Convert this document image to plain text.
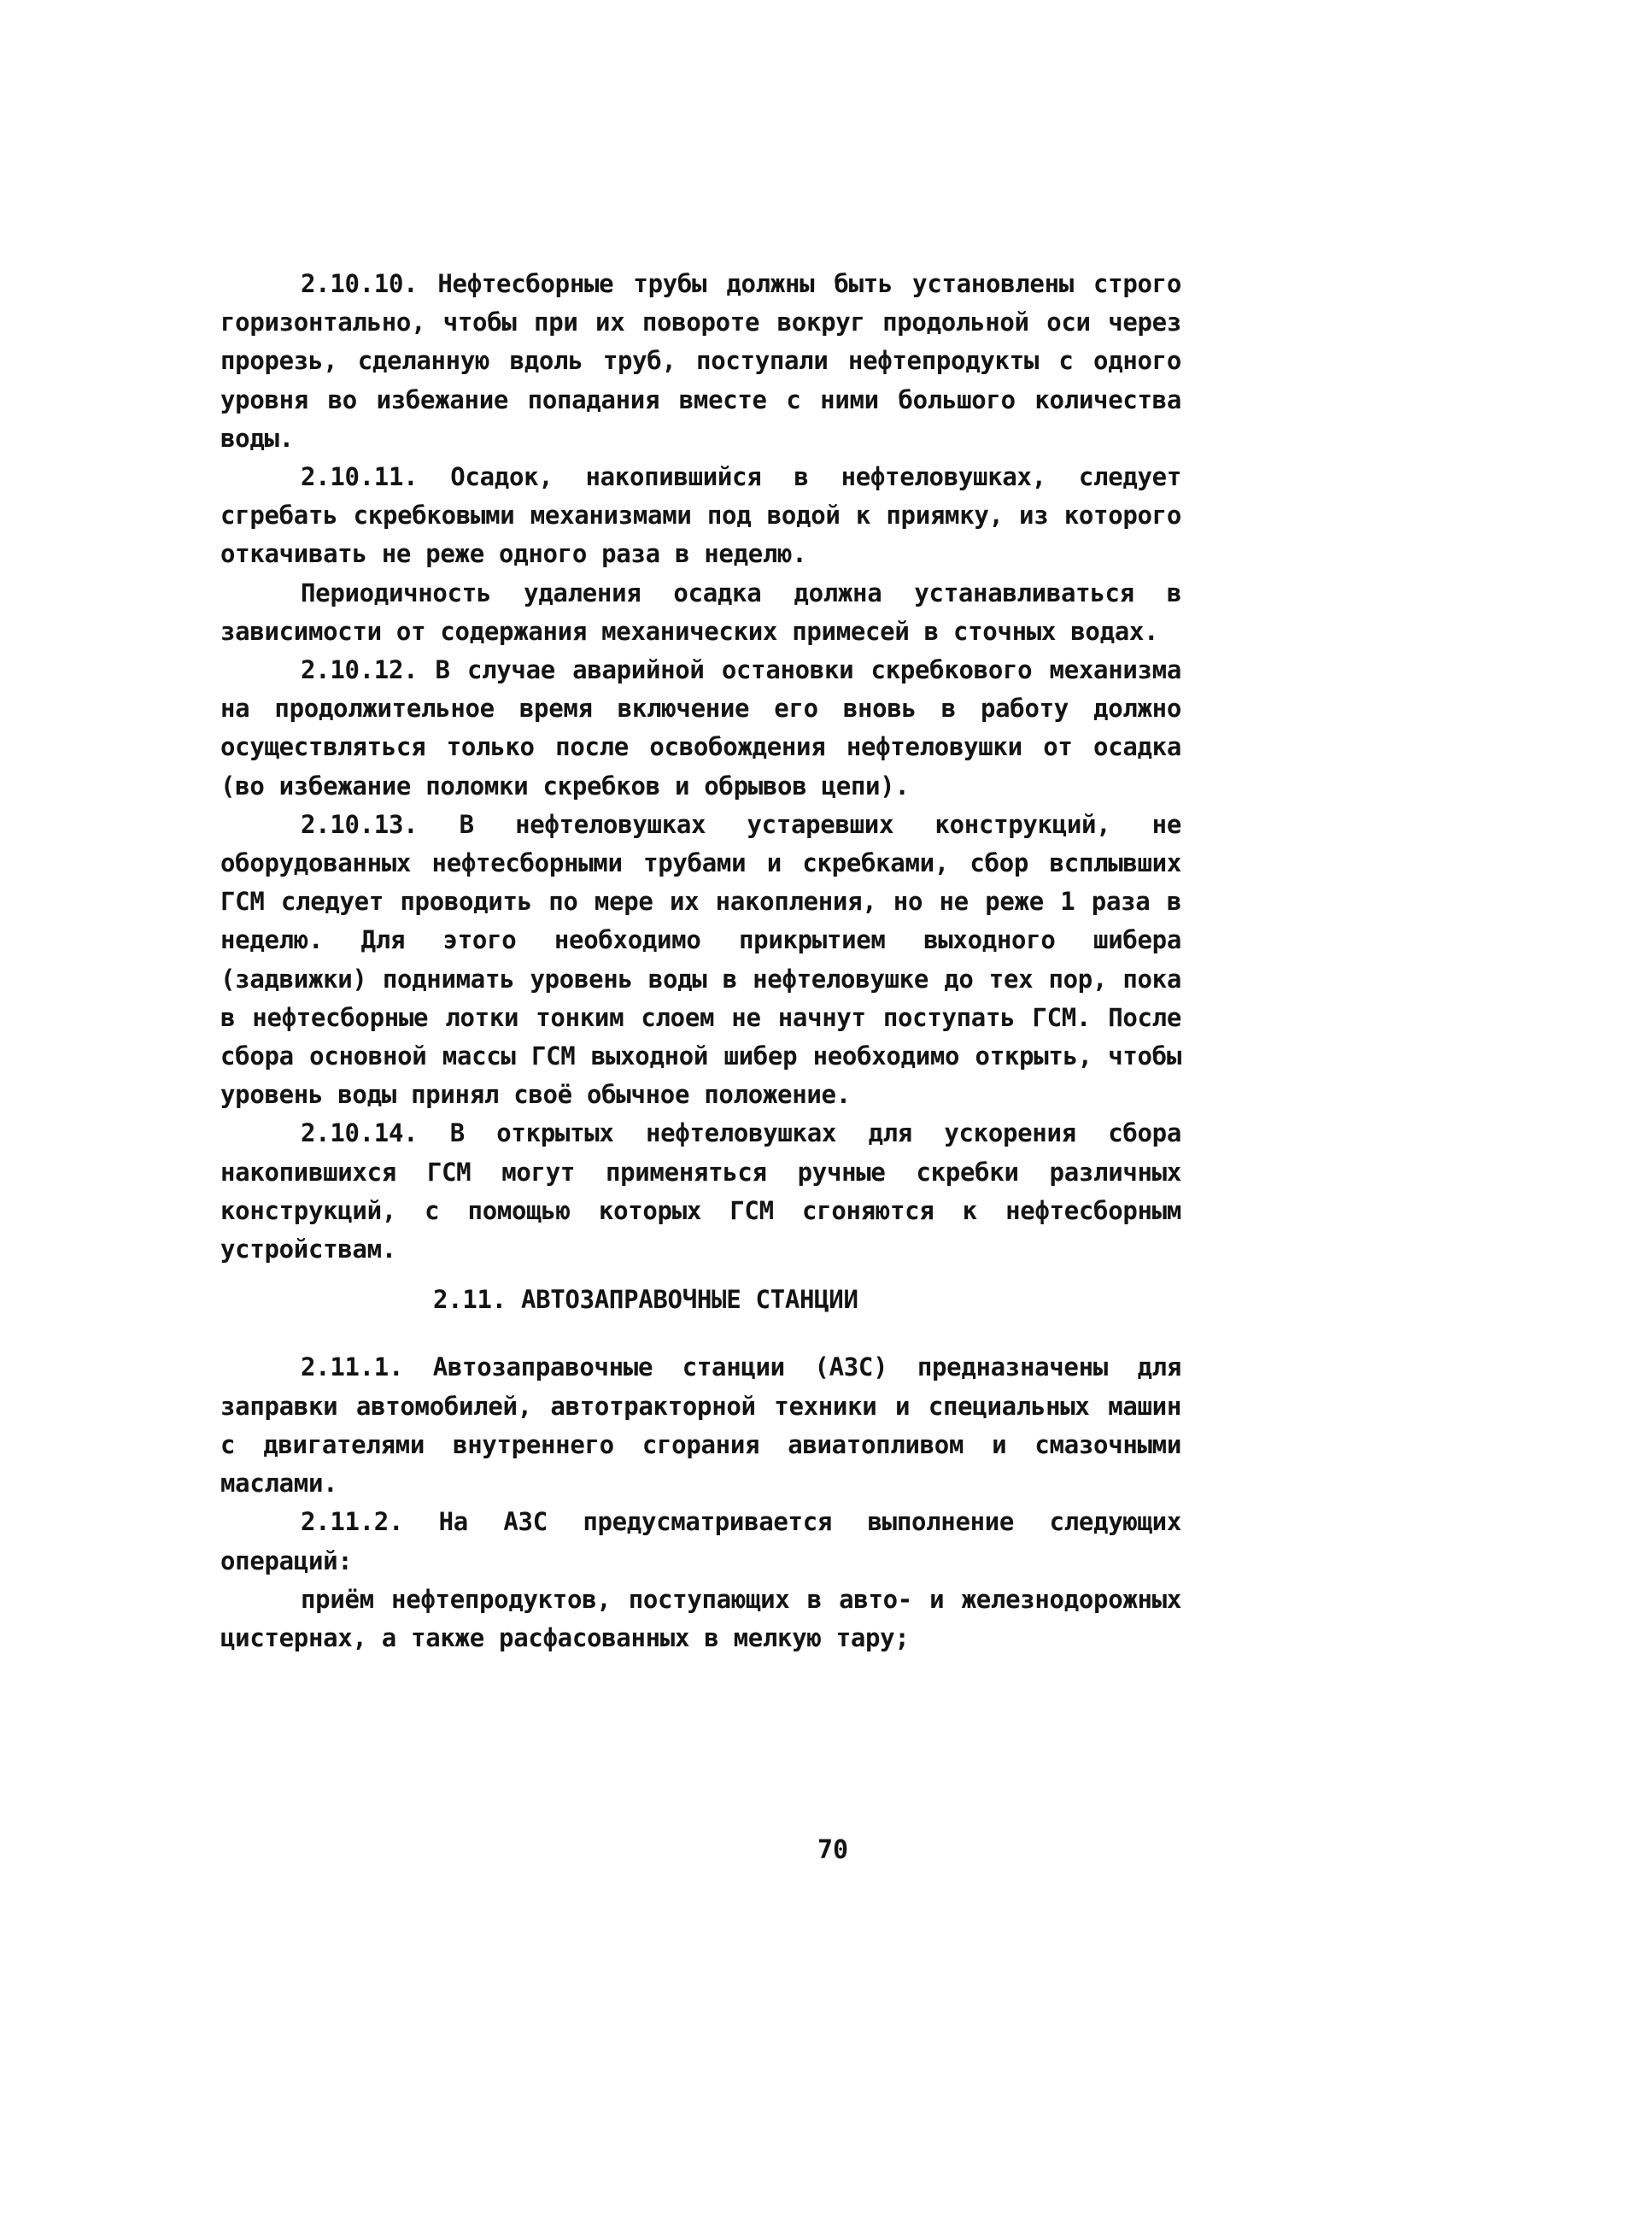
2.10.10. Нефтесборные трубы должны быть установлены строго горизонтально, чтобы при их повороте вокруг продольной оси через прорезь, сделанную вдоль труб, поступали нефтепродукты с одного уровня во избежание попадания вместе с ними большого количества воды.

2.10.11. Осадок, накопившийся в нефтеловушках, следует сгребать скребковыми механизмами под водой к приямку, из которого откачивать не реже одного раза в неделю.

Периодичность удаления осадка должна устанавливаться в зависимости от содержания механических примесей в сточных водах.

2.10.12. В случае аварийной остановки скребкового механизма на продолжительное время включение его вновь в работу должно осуществляться только после освобождения нефтеловушки от осадка (во избежание поломки скребков и обрывов цепи).

2.10.13. В нефтеловушках устаревших конструкций, не оборудованных нефтесборными трубами и скребками, сбор всплывших ГСМ следует проводить по мере их накопления, но не реже 1 раза в неделю. Для этого необходимо прикрытием выходного шибера (задвижки) поднимать уровень воды в нефтеловушке до тех пор, пока в нефтесборные лотки тонким слоем не начнут поступать ГСМ. После сбора основной массы ГСМ выходной шибер необходимо открыть, чтобы уровень воды принял своё обычное положение.

2.10.14. В открытых нефтеловушках для ускорения сбора накопившихся ГСМ могут применяться ручные скребки различных конструкций, с помощью которых ГСМ сгоняются к нефтесборным устройствам.

2.11. АВТОЗАПРАВОЧНЫЕ СТАНЦИИ

2.11.1. Автозаправочные станции (АЗС) предназначены для заправки автомобилей, автотракторной техники и специальных машин с двигателями внутреннего сгорания авиатопливом и смазочными маслами.

2.11.2. На АЗС предусматривается выполнение следующих операций:

приём нефтепродуктов, поступающих в авто- и железнодорожных цистернах, а также расфасованных в мелкую тару;

70
